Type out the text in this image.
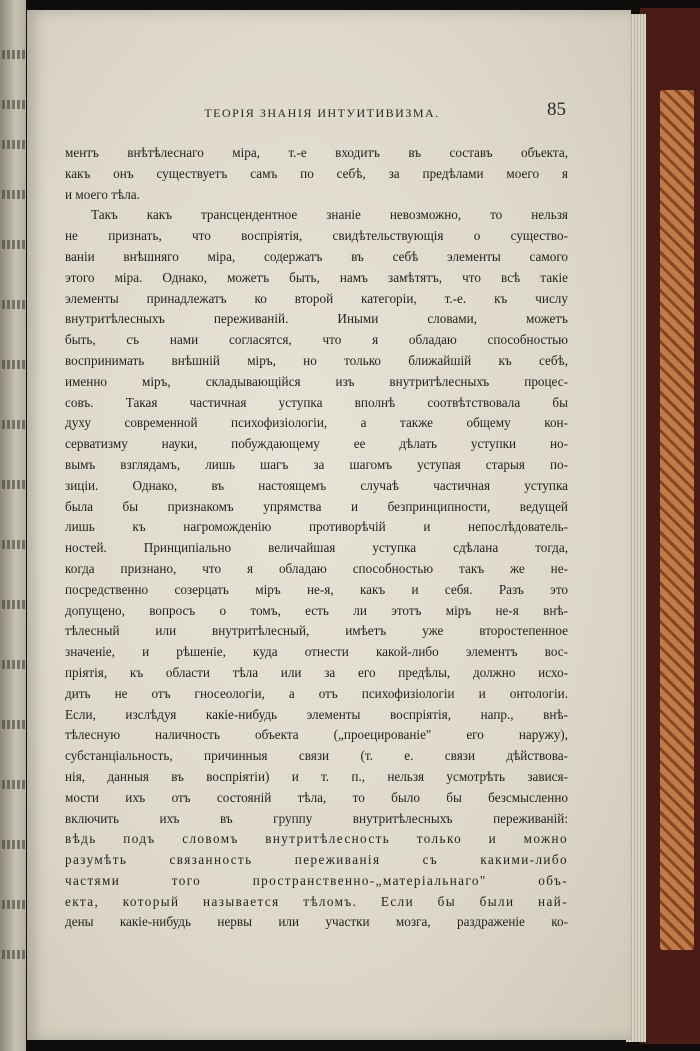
ТЕОРІЯ ЗНАНІЯ ИНТУИТИВИЗМА.	85
ментъ внѣтѣлеснаго міра, т.-е входитъ въ составъ объекта,
какъ онъ существуетъ самъ по себѣ, за предѣлами моего я
и моего тѣла.
Такъ какъ трансцендентное знаніе невозможно, то нельзя
не признать, что воспріятія, свидѣтельствующія о существо-
ваніи внѣшняго міра, содержатъ въ себѣ элементы самого
этого міра. Однако, можетъ быть, намъ замѣтятъ, что всѣ такіе
элементы принадлежатъ ко второй категоріи, т.-е. къ числу
внутритѣлесныхъ переживаній. Иными словами, можетъ
быть, съ нами согласятся, что я обладаю способностью
воспринимать внѣшній міръ, но только ближайшій къ себѣ,
именно міръ, складывающійся изъ внутритѣлесныхъ процес-
совъ. Такая частичная уступка вполнѣ соотвѣтствовала бы
духу современной психофизіологіи, а также общему кон-
серватизму науки, побуждающему ее дѣлать уступки но-
вымъ взглядамъ, лишь шагъ за шагомъ уступая старыя по-
зиціи. Однако, въ настоящемъ случаѣ частичная уступка
была бы признакомъ упрямства и безпринципности, ведущей
лишь къ нагроможденію противорѣчій и непослѣдователь-
ностей. Принципіально величайшая уступка сдѣлана тогда,
когда признано, что я обладаю способностью такъ же не-
посредственно созерцать міръ не-я, какъ и себя. Разъ это
допущено, вопросъ о томъ, есть ли этотъ міръ не-я внѣ-
тѣлесный или внутритѣлесный, имѣетъ уже второстепенное
значеніе, и рѣшеніе, куда отнести какой-либо элементъ вос-
пріятія, къ области тѣла или за его предѣлы, должно исхо-
дить не отъ гносеологіи, а отъ психофизіологіи и онтологіи.
Если, изслѣдуя какіе-нибудь элементы воспріятія, напр., внѣ-
тѣлесную наличность объекта („проецированіе" его наружу),
субстанціальность, причинныя связи (т. е. связи дѣйствова-
нія, данныя въ воспріятіи) и т. п., нельзя усмотрѣть завися-
мости ихъ отъ состояній тѣла, то было бы безсмысленно
включить ихъ въ группу внутритѣлесныхъ переживаній:
вѣдь подъ словомъ внутритѣлесность только и можно
разумѣть связанность переживанія съ какими-либо
частями того пространственно-„матеріальнаго" объ-
екта, который называется тѣломъ. Если бы были най-
дены какіе-нибудь нервы или участки мозга, раздраженіе ко-
